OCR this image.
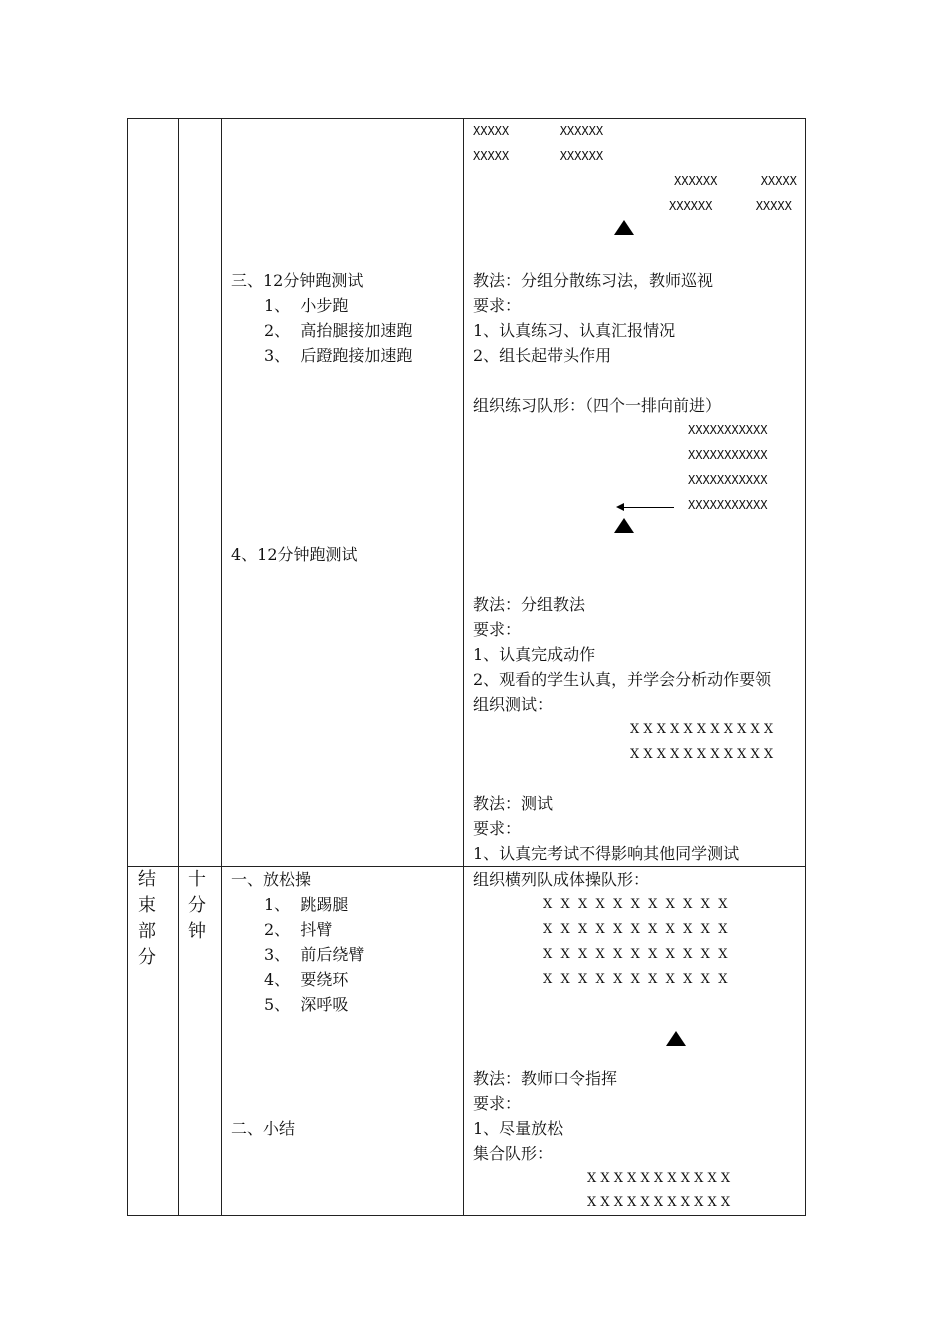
XXXXX       XXXXXX
XXXXX       XXXXXX
XXXXXX      XXXXX
XXXXXX      XXXXX
三、12分钟跑测试
1、  小步跑
2、  高抬腿接加速跑
3、  后蹬跑接加速跑
4、12分钟跑测试
教法：分组分散练习法，教师巡视
要求：
1、认真练习、认真汇报情况
2、组长起带头作用
组织练习队形：（四个一排向前进）
XXXXXXXXXXX
XXXXXXXXXXX
XXXXXXXXXXX
XXXXXXXXXXX
教法：分组教法
要求：
1、认真完成动作
2、观看的学生认真，并学会分析动作要领
组织测试：
X X X X X X X X X X X
X X X X X X X X X X X
教法：测试
要求：
1、认真完考试不得影响其他同学测试
结
束
部
分
十
分
钟
一、放松操
1、  跳踢腿
2、  抖臂
3、  前后绕臂
4、  要绕环
5、  深呼吸
二、小结
组织横列队成体操队形：
X  X  X  X  X  X  X  X  X  X  X
X  X  X  X  X  X  X  X  X  X  X
X  X  X  X  X  X  X  X  X  X  X
X  X  X  X  X  X  X  X  X  X  X
教法：教师口令指挥
要求：
1、尽量放松
集合队形：
X X X X X X X X X X X
X X X X X X X X X X X
